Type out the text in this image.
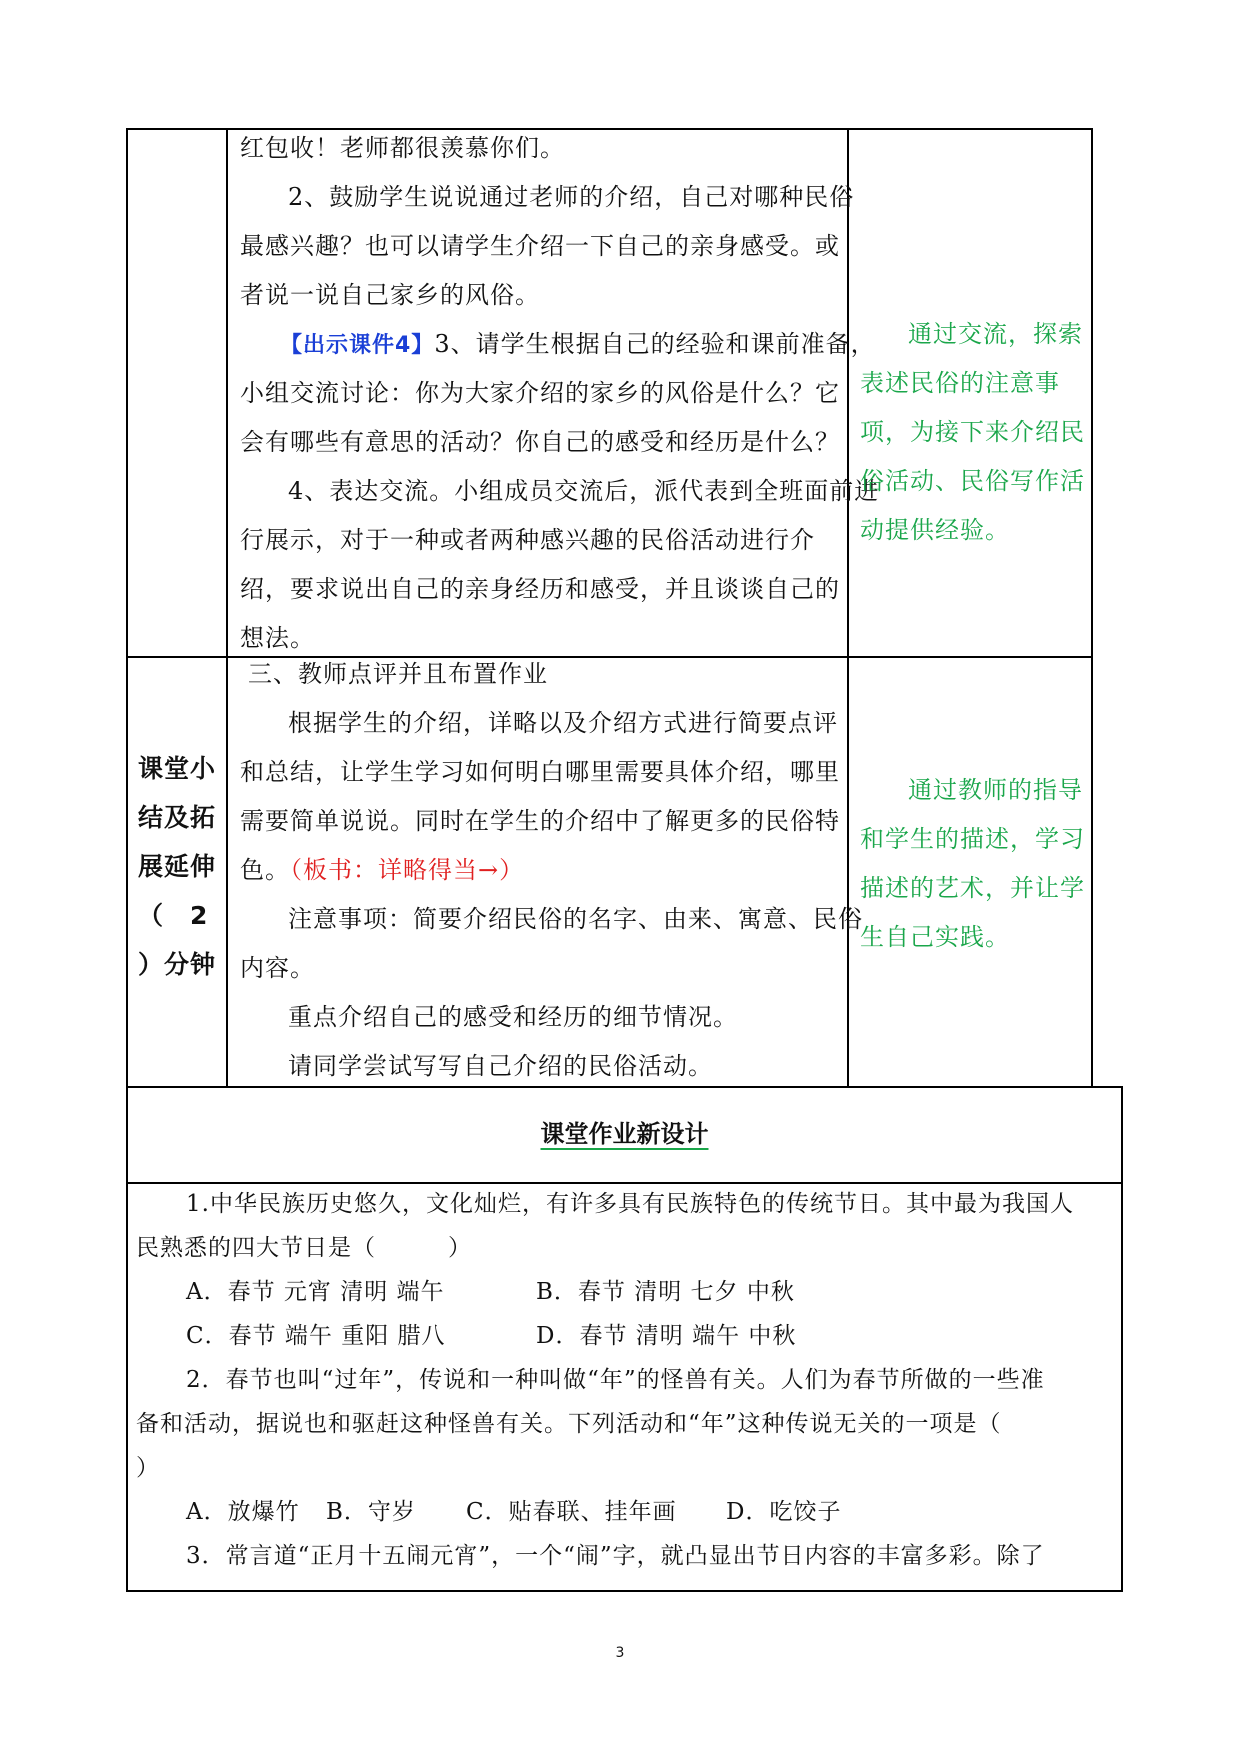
红包收！老师都很羡慕你们。
2、鼓励学生说说通过老师的介绍，自己对哪种民俗
最感兴趣？也可以请学生介绍一下自己的亲身感受。或
者说一说自己家乡的风俗。
【出示课件4】3、请学生根据自己的经验和课前准备，
小组交流讨论：你为大家介绍的家乡的风俗是什么？它
会有哪些有意思的活动？你自己的感受和经历是什么？
4、表达交流。小组成员交流后，派代表到全班面前进
行展示，对于一种或者两种感兴趣的民俗活动进行介
绍，要求说出自己的亲身经历和感受，并且谈谈自己的
想法。
通过交流，探索
表述民俗的注意事
项，为接下来介绍民
俗活动、民俗写作活
动提供经验。
课堂小
结及拓
展延伸
（　2
）分钟
三、教师点评并且布置作业
根据学生的介绍，详略以及介绍方式进行简要点评
和总结，让学生学习如何明白哪里需要具体介绍，哪里
需要简单说说。同时在学生的介绍中了解更多的民俗特
色。（板书：详略得当→）
注意事项：简要介绍民俗的名字、由来、寓意、民俗
内容。
重点介绍自己的感受和经历的细节情况。
请同学尝试写写自己介绍的民俗活动。
通过教师的指导
和学生的描述，学习
描述的艺术，并让学
生自己实践。
课堂作业新设计
1.中华民族历史悠久，文化灿烂，有许多具有民族特色的传统节日。其中最为我国人
民熟悉的四大节日是（　　　）
A．春节 元宵 清明 端午	B．春节 清明 七夕 中秋
C．春节 端午 重阳 腊八	D．春节 清明 端午 中秋
2．春节也叫“过年”，传说和一种叫做“年”的怪兽有关。人们为春节所做的一些准
备和活动，据说也和驱赶这种怪兽有关。下列活动和“年”这种传说无关的一项是（
）
A．放爆竹 B．守岁 C．贴春联、挂年画 D．吃饺子
3．常言道“正月十五闹元宵”，一个“闹”字，就凸显出节日内容的丰富多彩。除了
3
